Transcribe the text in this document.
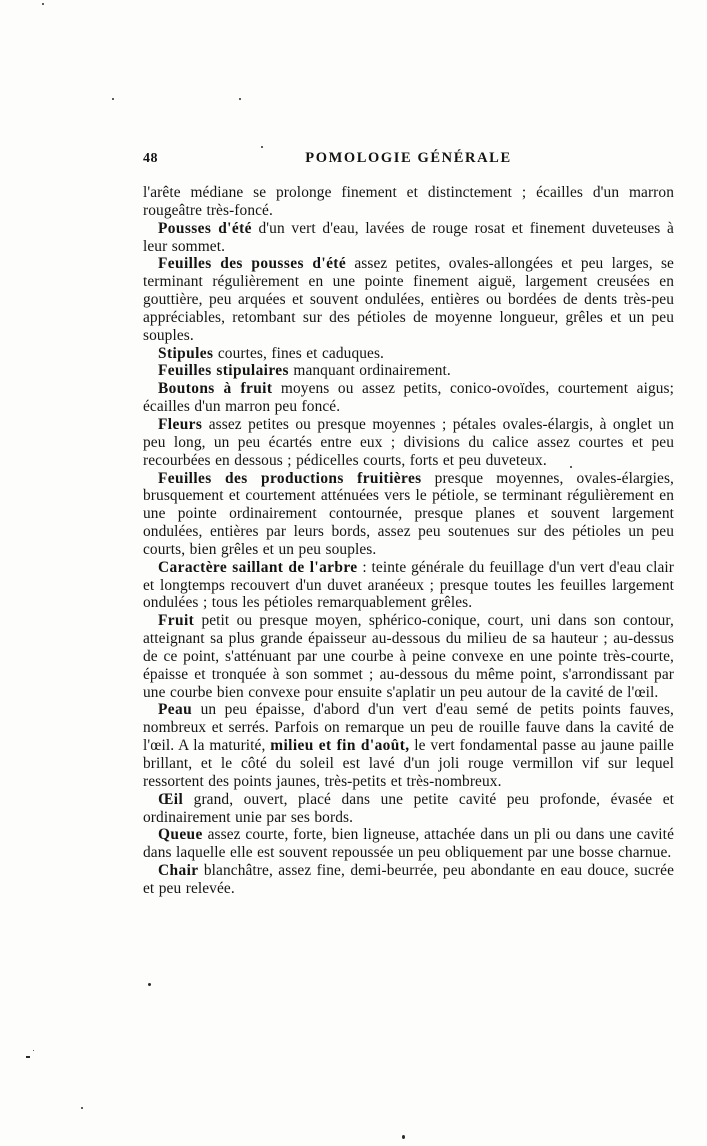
48	POMOLOGIE GÉNÉRALE

l'arête médiane se prolonge finement et distinctement ; écailles d'un marron rougeâtre très-foncé.

Pousses d'été d'un vert d'eau, lavées de rouge rosat et finement duveteuses à leur sommet.

Feuilles des pousses d'été assez petites, ovales-allongées et peu larges, se terminant régulièrement en une pointe finement aiguë, largement creusées en gouttière, peu arquées et souvent ondulées, entières ou bordées de dents très-peu appréciables, retombant sur des pétioles de moyenne longueur, grêles et un peu souples.

Stipules courtes, fines et caduques.

Feuilles stipulaires manquant ordinairement.

Boutons à fruit moyens ou assez petits, conico-ovoïdes, courtement aigus; écailles d'un marron peu foncé.

Fleurs assez petites ou presque moyennes ; pétales ovales-élargis, à onglet un peu long, un peu écartés entre eux ; divisions du calice assez courtes et peu recourbées en dessous ; pédicelles courts, forts et peu duveteux.

Feuilles des productions fruitières presque moyennes, ovales-élargies, brusquement et courtement atténuées vers le pétiole, se terminant régulièrement en une pointe ordinairement contournée, presque planes et souvent largement ondulées, entières par leurs bords, assez peu soutenues sur des pétioles un peu courts, bien grêles et un peu souples.

Caractère saillant de l'arbre : teinte générale du feuillage d'un vert d'eau clair et longtemps recouvert d'un duvet aranéeux ; presque toutes les feuilles largement ondulées ; tous les pétioles remarquablement grêles.

Fruit petit ou presque moyen, sphérico-conique, court, uni dans son contour, atteignant sa plus grande épaisseur au-dessous du milieu de sa hauteur ; au-dessus de ce point, s'atténuant par une courbe à peine convexe en une pointe très-courte, épaisse et tronquée à son sommet ; au-dessous du même point, s'arrondissant par une courbe bien convexe pour ensuite s'aplatir un peu autour de la cavité de l'œil.

Peau un peu épaisse, d'abord d'un vert d'eau semé de petits points fauves, nombreux et serrés. Parfois on remarque un peu de rouille fauve dans la cavité de l'œil. A la maturité, milieu et fin d'août, le vert fondamental passe au jaune paille brillant, et le côté du soleil est lavé d'un joli rouge vermillon vif sur lequel ressortent des points jaunes, très-petits et très-nombreux.

Œil grand, ouvert, placé dans une petite cavité peu profonde, évasée et ordinairement unie par ses bords.

Queue assez courte, forte, bien ligneuse, attachée dans un pli ou dans une cavité dans laquelle elle est souvent repoussée un peu obliquement par une bosse charnue.

Chair blanchâtre, assez fine, demi-beurrée, peu abondante en eau douce, sucrée et peu relevée.
